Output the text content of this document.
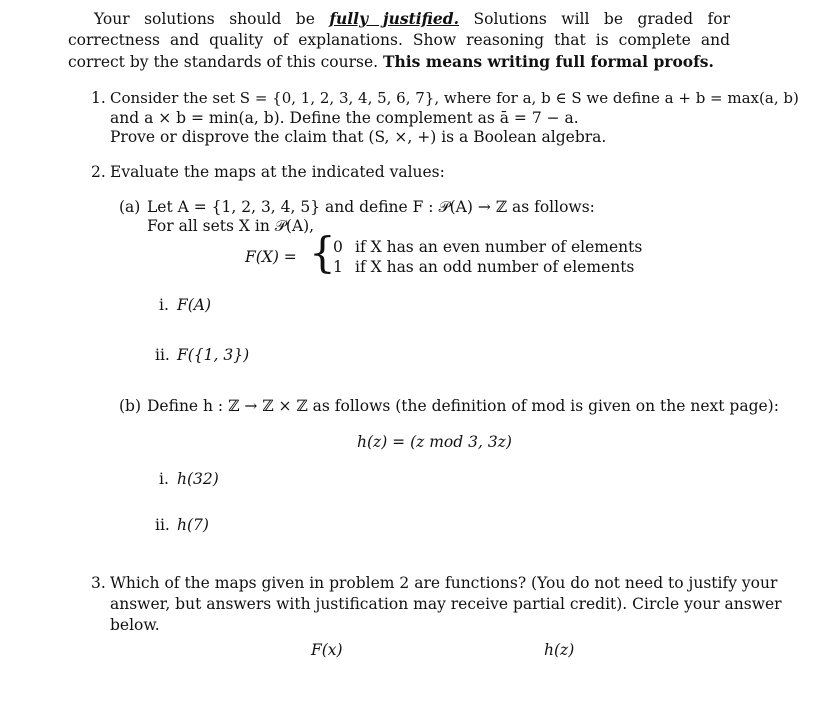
Your solutions should be fully justified. Solutions will be graded for correctness and quality of explanations. Show reasoning that is complete and correct by the standards of this course. This means writing full formal proofs.

1. Consider the set S = {0, 1, 2, 3, 4, 5, 6, 7}, where for a, b ∈ S we define a + b = max(a, b)
and a × b = min(a, b). Define the complement as ā = 7 − a.
Prove or disprove the claim that (S, ×, +) is a Boolean algebra.
2. Evaluate the maps at the indicated values:
(a) Let A = {1, 2, 3, 4, 5} and define F : 𝒫(A) → ℤ as follows:
For all sets X in 𝒫(A),
F(X) = {
0 if X has an even number of elements
1 if X has an odd number of elements
i. F(A)
ii. F({1, 3})
(b) Define h : ℤ → ℤ × ℤ as follows (the definition of mod is given on the next page):
h(z) = (z mod 3, 3z)
i. h(32)
ii. h(7)
3. Which of the maps given in problem 2 are functions? (You do not need to justify your
answer, but answers with justification may receive partial credit). Circle your answer
below.
F(x)	h(z)
